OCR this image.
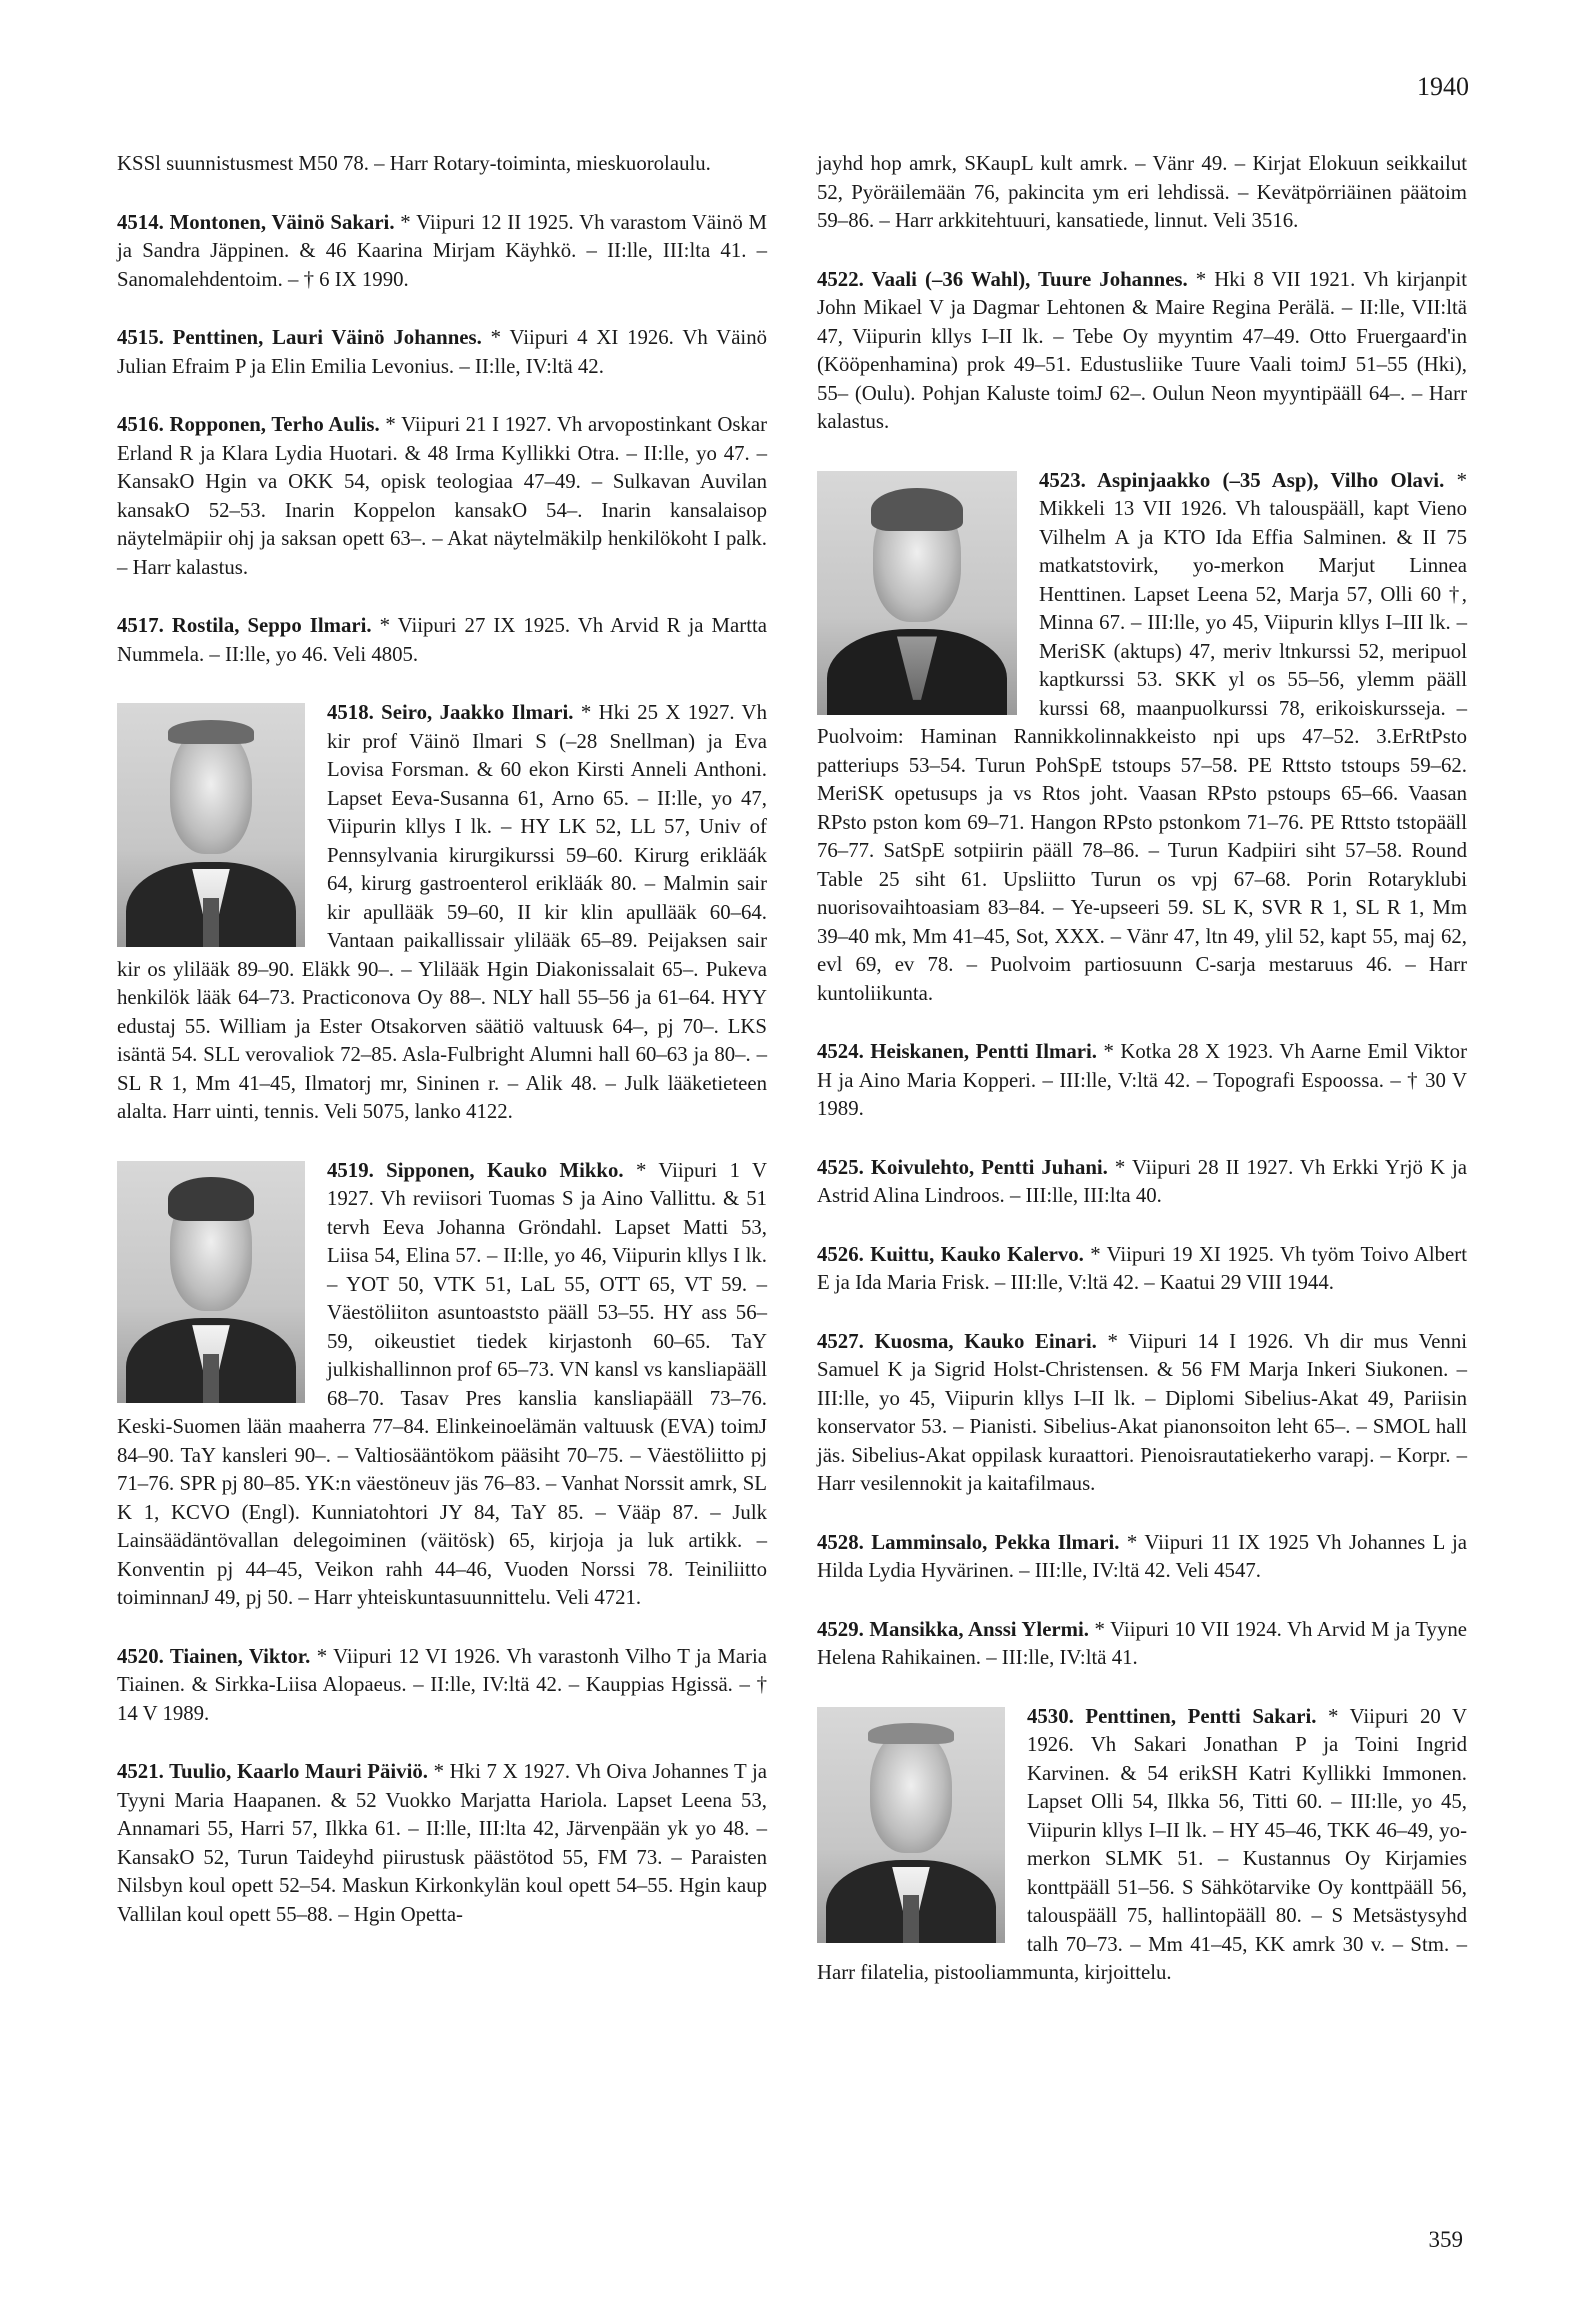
1940

KSSl suunnistusmest M50 78. – Harr Rotary-toiminta, mieskuorolaulu.

4514. Montonen, Väinö Sakari. * Viipuri 12 II 1925. Vh varastom Väinö M ja Sandra Jäppinen. & 46 Kaarina Mirjam Käyhkö. – II:lle, III:lta 41. – Sanomalehdentoim. – † 6 IX 1990.

4515. Penttinen, Lauri Väinö Johannes. * Viipuri 4 XI 1926. Vh Väinö Julian Efraim P ja Elin Emilia Levonius. – II:lle, IV:ltä 42.

4516. Ropponen, Terho Aulis. * Viipuri 21 I 1927. Vh arvopostinkant Oskar Erland R ja Klara Lydia Huotari. & 48 Irma Kyllikki Otra. – II:lle, yo 47. – KansakO Hgin va OKK 54, opisk teologiaa 47–49. – Sulkavan Auvilan kansakO 52–53. Inarin Koppelon kansakO 54–. Inarin kansalaisop näytelmäpiir ohj ja saksan opett 63–. – Akat näytelmäkilp henkilökoht I palk. – Harr kalastus.

4517. Rostila, Seppo Ilmari. * Viipuri 27 IX 1925. Vh Arvid R ja Martta Nummela. – II:lle, yo 46. Veli 4805.

4518. Seiro, Jaakko Ilmari.
* Hki 25 X 1927. Vh kir prof Väinö Ilmari S (–28 Snellman) ja Eva Lovisa Forsman. & 60 ekon Kirsti Anneli Anthoni. Lapset Eeva-Susanna 61, Arno 65. – II:lle, yo 47, Viipurin kllys I lk. – HY LK 52, LL 57, Univ of Pennsylvania kirurgikurssi 59–60. Kirurg erikläák 64, kirurg gastroenterol erikläák 80. – Malmin sair kir apullääk 59–60, II kir klin apullääk 60–64. Vantaan paikallissair ylilääk 65–89. Peijaksen sair kir os ylilääk 89–90. Eläkk 90–. – Ylilääk Hgin Diakonissalait 65–. Pukeva henkilök lääk 64–73. Practiconova Oy 88–. NLY hall 55–56 ja 61–64. HYY edustaj 55. William ja Ester Otsakorven säätiö valtuusk 64–, pj 70–. LKS isäntä 54. SLL verovaliok 72–85. Asla-Fulbright Alumni hall 60–63 ja 80–. – SL R 1, Mm 41–45, Ilmatorj mr, Sininen r. – Alik 48. – Julk lääketieteen alalta. Harr uinti, tennis. Veli 5075, lanko 4122.

4519. Sipponen, Kauko Mikko.
* Viipuri 1 V 1927. Vh reviisori Tuomas S ja Aino Vallittu. & 51 tervh Eeva Johanna Gröndahl. Lapset Matti 53, Liisa 54, Elina 57. – II:lle, yo 46, Viipurin kllys I lk. – YOT 50, VTK 51, LaL 55, OTT 65, VT 59. – Väestöliiton asuntoaststo pääll 53–55. HY ass 56–59, oikeustiet tiedek kirjastonh 60–65. TaY julkishallinnon prof 65–73. VN kansl vs kansliapääll 68–70. Tasav Pres kanslia kansliapääll 73–76. Keski-Suomen lään maaherra 77–84. Elinkeinoelämän valtuusk (EVA) toimJ 84–90. TaY kansleri 90–. – Valtiosääntökom pääsiht 70–75. – Väestöliitto pj 71–76. SPR pj 80–85. YK:n väestöneuv jäs 76–83. – Vanhat Norssit amrk, SL K 1, KCVO (Engl). Kunniatohtori JY 84, TaY 85. – Vääp 87. – Julk Lainsäädäntövallan delegoiminen (väitösk) 65, kirjoja ja luk artikk. – Konventin pj 44–45, Veikon rahh 44–46, Vuoden Norssi 78. Teiniliitto toiminnanJ 49, pj 50. – Harr yhteiskuntasuunnittelu. Veli 4721.

4520. Tiainen, Viktor. * Viipuri 12 VI 1926. Vh varastonh Vilho T ja Maria Tiainen. & Sirkka-Liisa Alopaeus. – II:lle, IV:ltä 42. – Kauppias Hgissä. – † 14 V 1989.

4521. Tuulio, Kaarlo Mauri Päiviö. * Hki 7 X 1927. Vh Oiva Johannes T ja Tyyni Maria Haapanen. & 52 Vuokko Marjatta Hariola. Lapset Leena 53, Annamari 55, Harri 57, Ilkka 61. – II:lle, III:lta 42, Järvenpään yk yo 48. – KansakO 52, Turun Taideyhd piirustusk päästötod 55, FM 73. – Paraisten Nilsbyn koul opett 52–54. Maskun Kirkonkylän koul opett 54–55. Hgin kaup Vallilan koul opett 55–88. – Hgin Opetta-

jayhd hop amrk, SKaupL kult amrk. – Vänr 49. – Kirjat Elokuun seikkailut 52, Pyöräilemään 76, pakincita ym eri lehdissä. – Kevätpörriäinen päätoim 59–86. – Harr arkkitehtuuri, kansatiede, linnut. Veli 3516.

4522. Vaali (–36 Wahl), Tuure Johannes. * Hki 8 VII 1921. Vh kirjanpit John Mikael V ja Dagmar Lehtonen & Maire Regina Perälä. – II:lle, VII:ltä 47, Viipurin kllys I–II lk. – Tebe Oy myyntim 47–49. Otto Fruergaard'in (Kööpenhamina) prok 49–51. Edustusliike Tuure Vaali toimJ 51–55 (Hki), 55– (Oulu). Pohjan Kaluste toimJ 62–. Oulun Neon myyntipääll 64–. – Harr kalastus.

4523. Aspinjaakko (–35 Asp), Vilho Olavi.
* Mikkeli 13 VII 1926. Vh talouspääll, kapt Vieno Vilhelm A ja KTO Ida Effia Salminen. & II 75 matkatstovirk, yo-merkon Marjut Linnea Henttinen. Lapset Leena 52, Marja 57, Olli 60 †, Minna 67. – III:lle, yo 45, Viipurin kllys I–III lk. – MeriSK (aktups) 47, meriv ltnkurssi 52, meripuol kaptkurssi 53. SKK yl os 55–56, ylemm pääll kurssi 68, maanpuolkurssi 78, erikoiskursseja. – Puolvoim: Haminan Rannikkolinnakkeisto npi ups 47–52. 3.ErRtPsto patteriups 53–54. Turun PohSpE tstoups 57–58. PE Rttsto tstoups 59–62. MeriSK opetusups ja vs Rtos joht. Vaasan RPsto pstoups 65–66. Vaasan RPsto pston kom 69–71. Hangon RPsto pstonkom 71–76. PE Rttsto tstopääll 76–77. SatSpE sotpiirin pääll 78–86. – Turun Kadpiiri siht 57–58. Round Table 25 siht 61. Upsliitto Turun os vpj 67–68. Porin Rotaryklubi nuorisovaihtoasiam 83–84. – Ye-upseeri 59. SL K, SVR R 1, SL R 1, Mm 39–40 mk, Mm 41–45, Sot, XXX. – Vänr 47, ltn 49, ylil 52, kapt 55, maj 62, evl 69, ev 78. – Puolvoim partiosuunn C-sarja mestaruus 46. – Harr kuntoliikunta.

4524. Heiskanen, Pentti Ilmari. * Kotka 28 X 1923. Vh Aarne Emil Viktor H ja Aino Maria Kopperi. – III:lle, V:ltä 42. – Topografi Espoossa. – † 30 V 1989.

4525. Koivulehto, Pentti Juhani. * Viipuri 28 II 1927. Vh Erkki Yrjö K ja Astrid Alina Lindroos. – III:lle, III:lta 40.

4526. Kuittu, Kauko Kalervo. * Viipuri 19 XI 1925. Vh työm Toivo Albert E ja Ida Maria Frisk. – III:lle, V:ltä 42. – Kaatui 29 VIII 1944.

4527. Kuosma, Kauko Einari. * Viipuri 14 I 1926. Vh dir mus Venni Samuel K ja Sigrid Holst-Christensen. & 56 FM Marja Inkeri Siukonen. – III:lle, yo 45, Viipurin kllys I–II lk. – Diplomi Sibelius-Akat 49, Pariisin konservator 53. – Pianisti. Sibelius-Akat pianonsoiton leht 65–. – SMOL hall jäs. Sibelius-Akat oppilask kuraattori. Pienoisrautatiekerho varapj. – Korpr. – Harr vesilennokit ja kaitafilmaus.

4528. Lamminsalo, Pekka Ilmari. * Viipuri 11 IX 1925 Vh Johannes L ja Hilda Lydia Hyvärinen. – III:lle, IV:ltä 42. Veli 4547.

4529. Mansikka, Anssi Ylermi. * Viipuri 10 VII 1924. Vh Arvid M ja Tyyne Helena Rahikainen. – III:lle, IV:ltä 41.

4530. Penttinen, Pentti Sakari.
* Viipuri 20 V 1926. Vh Sakari Jonathan P ja Toini Ingrid Karvinen. & 54 erikSH Katri Kyllikki Immonen. Lapset Olli 54, Ilkka 56, Titti 60. – III:lle, yo 45, Viipurin kllys I–II lk. – HY 45–46, TKK 46–49, yo-merkon SLMK 51. – Kustannus Oy Kirjamies konttpääll 51–56. S Sähkötarvike Oy konttpääll 56, talouspääll 75, hallintopääll 80. – S Metsästysyhd talh 70–73. – Mm 41–45, KK amrk 30 v. – Stm. – Harr filatelia, pistooliammunta, kirjoittelu.

359
